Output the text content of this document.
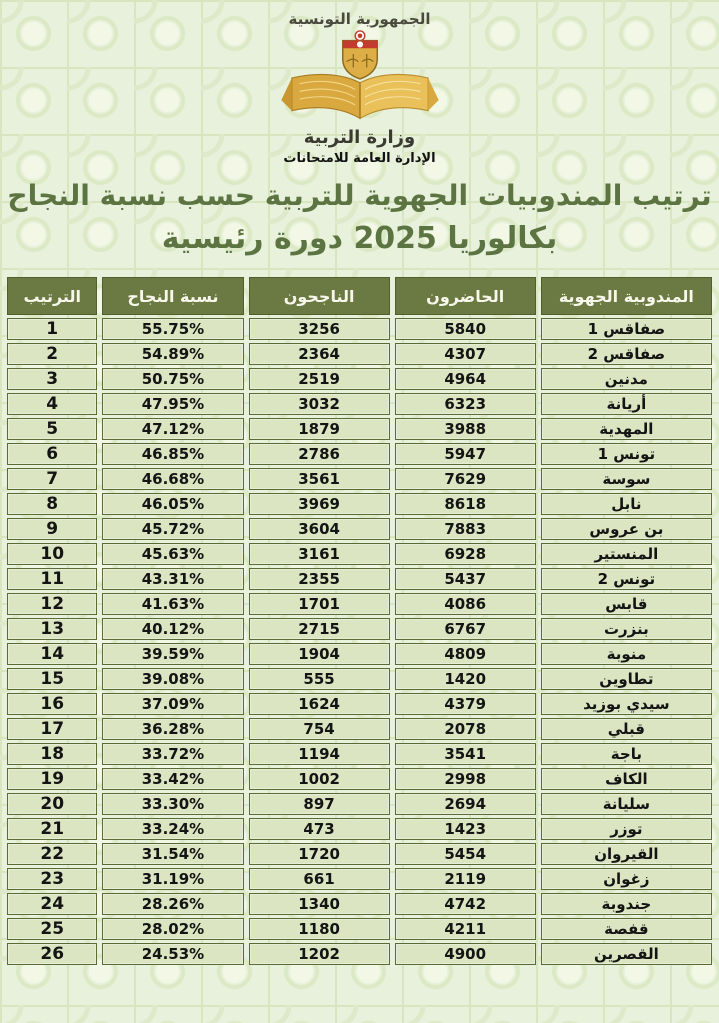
الجمهورية التونسية
وزارة التربية
الإدارة العامة للامتحانات
ترتيب المندوبيات الجهوية للتربية حسب نسبة النجاح
بكالوريا 2025 دورة رئيسية
المندوبية الجهوية	الحاضرون	الناجحون	نسبة النجاح	الترتيب
صفاقس 1	5840	3256	55.75%	1
صفاقس 2	4307	2364	54.89%	2
مدنين	4964	2519	50.75%	3
أريانة	6323	3032	47.95%	4
المهدية	3988	1879	47.12%	5
تونس 1	5947	2786	46.85%	6
سوسة	7629	3561	46.68%	7
نابل	8618	3969	46.05%	8
بن عروس	7883	3604	45.72%	9
المنستير	6928	3161	45.63%	10
تونس 2	5437	2355	43.31%	11
قابس	4086	1701	41.63%	12
بنزرت	6767	2715	40.12%	13
منوبة	4809	1904	39.59%	14
تطاوين	1420	555	39.08%	15
سيدي بوزيد	4379	1624	37.09%	16
قبلي	2078	754	36.28%	17
باجة	3541	1194	33.72%	18
الكاف	2998	1002	33.42%	19
سليانة	2694	897	33.30%	20
توزر	1423	473	33.24%	21
القيروان	5454	1720	31.54%	22
زغوان	2119	661	31.19%	23
جندوبة	4742	1340	28.26%	24
قفصة	4211	1180	28.02%	25
القصرين	4900	1202	24.53%	26
